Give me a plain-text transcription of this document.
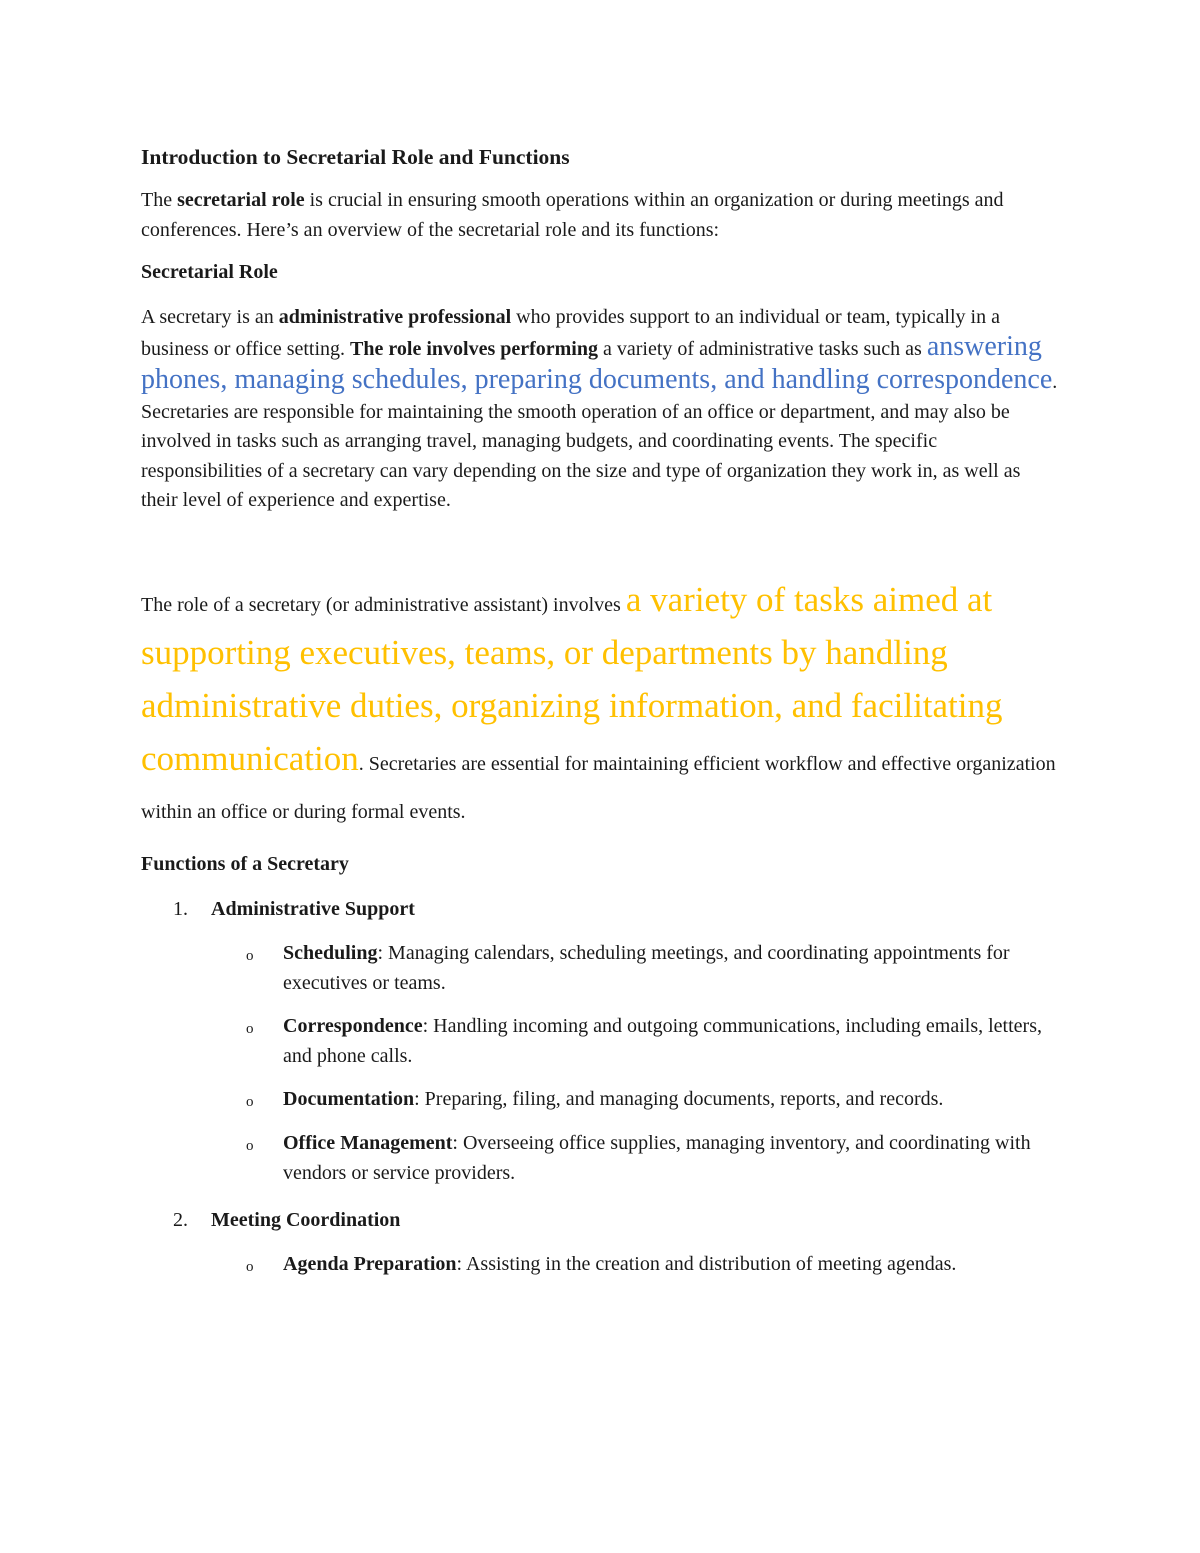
Introduction to Secretarial Role and Functions

The secretarial role is crucial in ensuring smooth operations within an organization or during meetings and conferences. Here’s an overview of the secretarial role and its functions:

Secretarial Role

A secretary is an administrative professional who provides support to an individual or team, typically in a business or office setting. The role involves performing a variety of administrative tasks such as answering phones, managing schedules, preparing documents, and handling correspondence. Secretaries are responsible for maintaining the smooth operation of an office or department, and may also be involved in tasks such as arranging travel, managing budgets, and coordinating events. The specific responsibilities of a secretary can vary depending on the size and type of organization they work in, as well as their level of experience and expertise.

The role of a secretary (or administrative assistant) involves a variety of tasks aimed at supporting executives, teams, or departments by handling administrative duties, organizing information, and facilitating communication. Secretaries are essential for maintaining efficient workflow and effective organization within an office or during formal events.

Functions of a Secretary
1. Administrative Support
o Scheduling: Managing calendars, scheduling meetings, and coordinating appointments for executives or teams.
o Correspondence: Handling incoming and outgoing communications, including emails, letters, and phone calls.
o Documentation: Preparing, filing, and managing documents, reports, and records.
o Office Management: Overseeing office supplies, managing inventory, and coordinating with vendors or service providers.
2. Meeting Coordination
o Agenda Preparation: Assisting in the creation and distribution of meeting agendas.
